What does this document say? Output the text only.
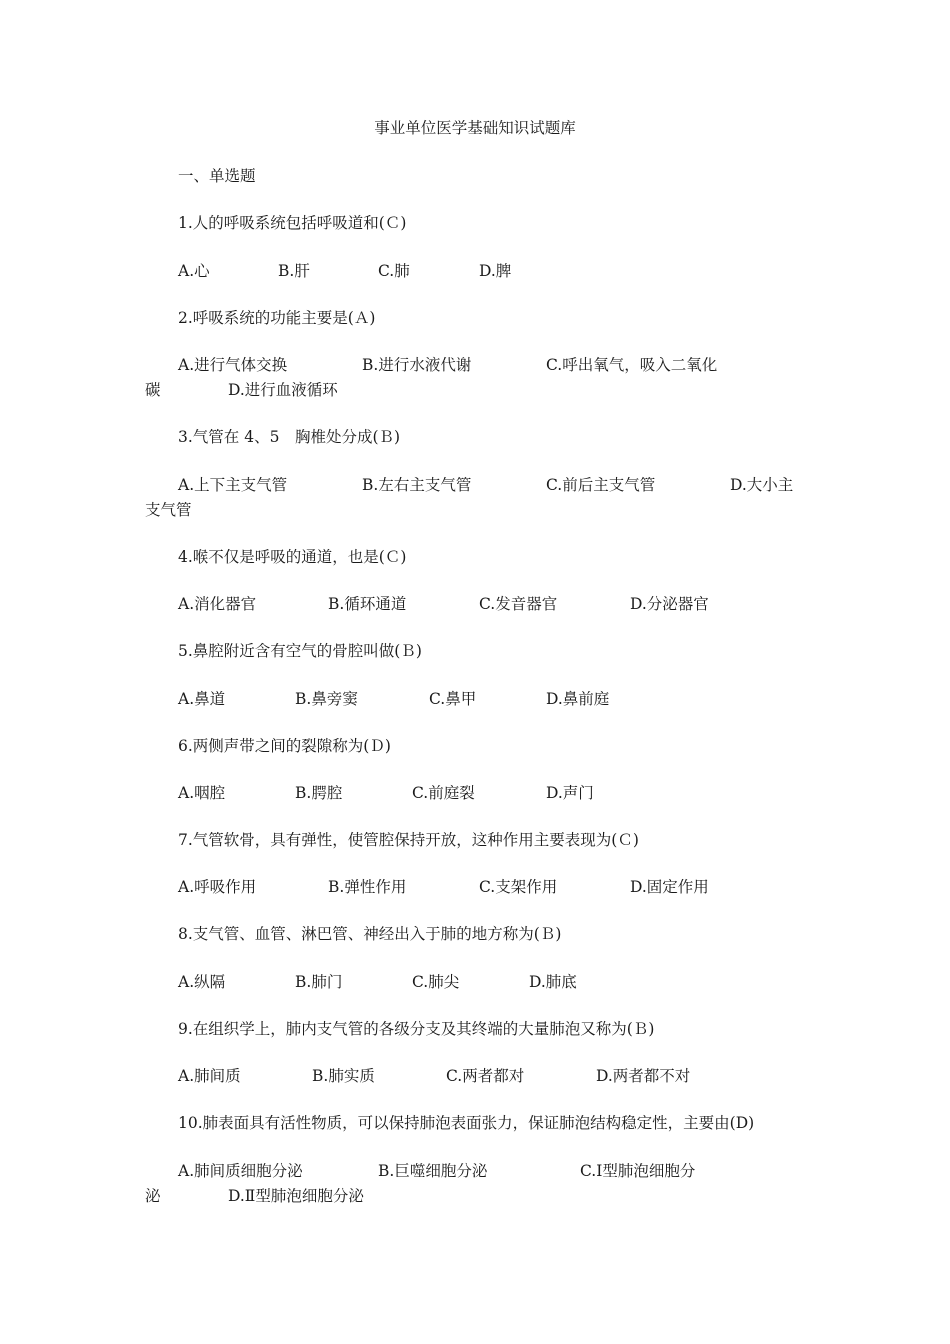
事业单位医学基础知识试题库
一、单选题
1.人的呼吸系统包括呼吸道和(Ｃ)
A.心	B.肝	C.肺	D.脾
2.呼吸系统的功能主要是(Ａ)
A.进行气体交换	B.进行水液代谢	C.呼出氧气，吸入二氧化
碳	D.进行血液循环
3.气管在 4、5　胸椎处分成(Ｂ)
A.上下主支气管	B.左右主支气管	C.前后主支气管	D.大小主
支气管
4.喉不仅是呼吸的通道，也是(Ｃ)
A.消化器官	B.循环通道	C.发音器官	D.分泌器官
5.鼻腔附近含有空气的骨腔叫做(Ｂ)
A.鼻道	B.鼻旁窦	C.鼻甲	D.鼻前庭
6.两侧声带之间的裂隙称为(Ｄ)
A.咽腔	B.腭腔	C.前庭裂	D.声门
7.气管软骨，具有弹性，使管腔保持开放，这种作用主要表现为(Ｃ)
A.呼吸作用	B.弹性作用	C.支架作用	D.固定作用
8.支气管、血管、淋巴管、神经出入于肺的地方称为(Ｂ)
A.纵隔	B.肺门	C.肺尖	D.肺底
9.在组织学上，肺内支气管的各级分支及其终端的大量肺泡又称为(Ｂ)
A.肺间质	B.肺实质	C.两者都对	D.两者都不对
10.肺表面具有活性物质，可以保持肺泡表面张力，保证肺泡结构稳定性，主要由(D)
A.肺间质细胞分泌	B.巨噬细胞分泌	C.Ⅰ型肺泡细胞分
泌	D.Ⅱ型肺泡细胞分泌
